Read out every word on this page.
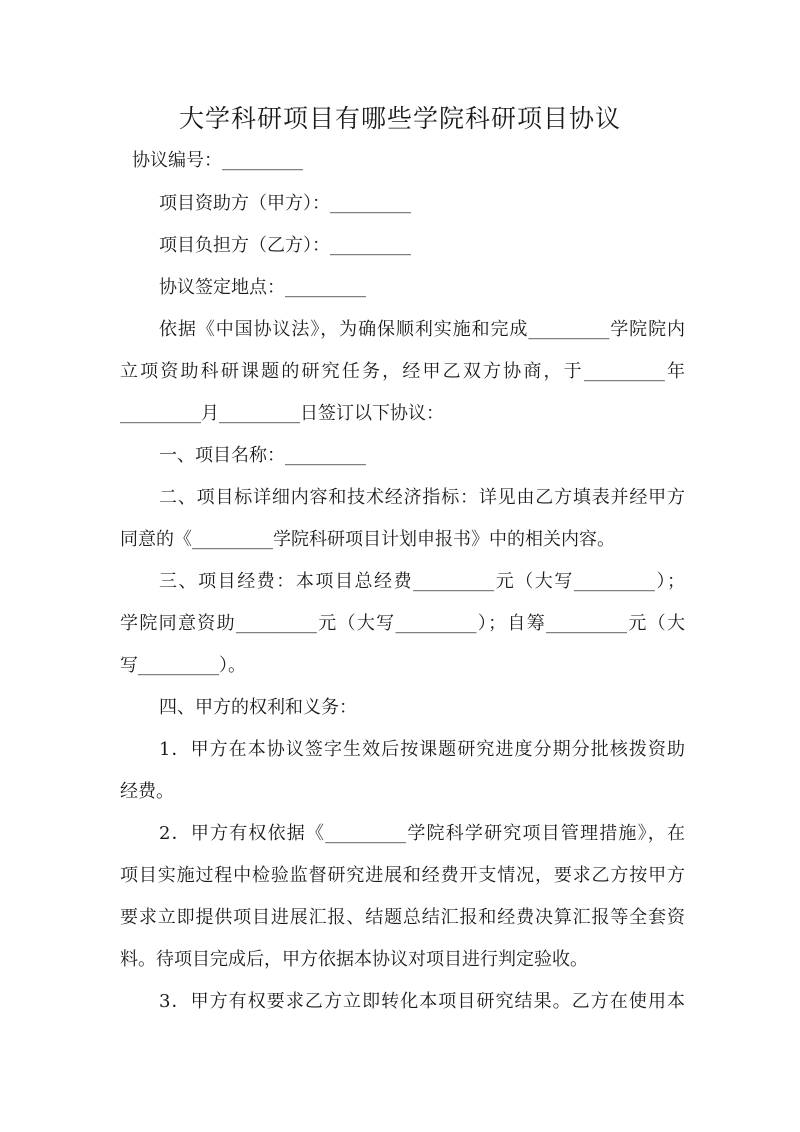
大学科研项目有哪些学院科研项目协议
协议编号：_________
项目资助方（甲方）：_________
项目负担方（乙方）：_________
协议签定地点：_________
依据《中国协议法》，为确保顺利实施和完成_________学院院内
立项资助科研课题的研究任务，经甲乙双方协商，于_________年
_________月_________日签订以下协议：
一、项目名称：_________
二、项目标详细内容和技术经济指标：详见由乙方填表并经甲方
同意的《_________学院科研项目计划申报书》中的相关内容。
三、项目经费：本项目总经费_________元（大写_________）；
学院同意资助_________元（大写_________）；自筹_________元（大
写_________）。
四、甲方的权利和义务：
1．甲方在本协议签字生效后按课题研究进度分期分批核拨资助
经费。
2．甲方有权依据《_________学院科学研究项目管理措施》，在
项目实施过程中检验监督研究进展和经费开支情况，要求乙方按甲方
要求立即提供项目进展汇报、结题总结汇报和经费决算汇报等全套资
料。待项目完成后，甲方依据本协议对项目进行判定验收。
3．甲方有权要求乙方立即转化本项目研究结果。乙方在使用本
